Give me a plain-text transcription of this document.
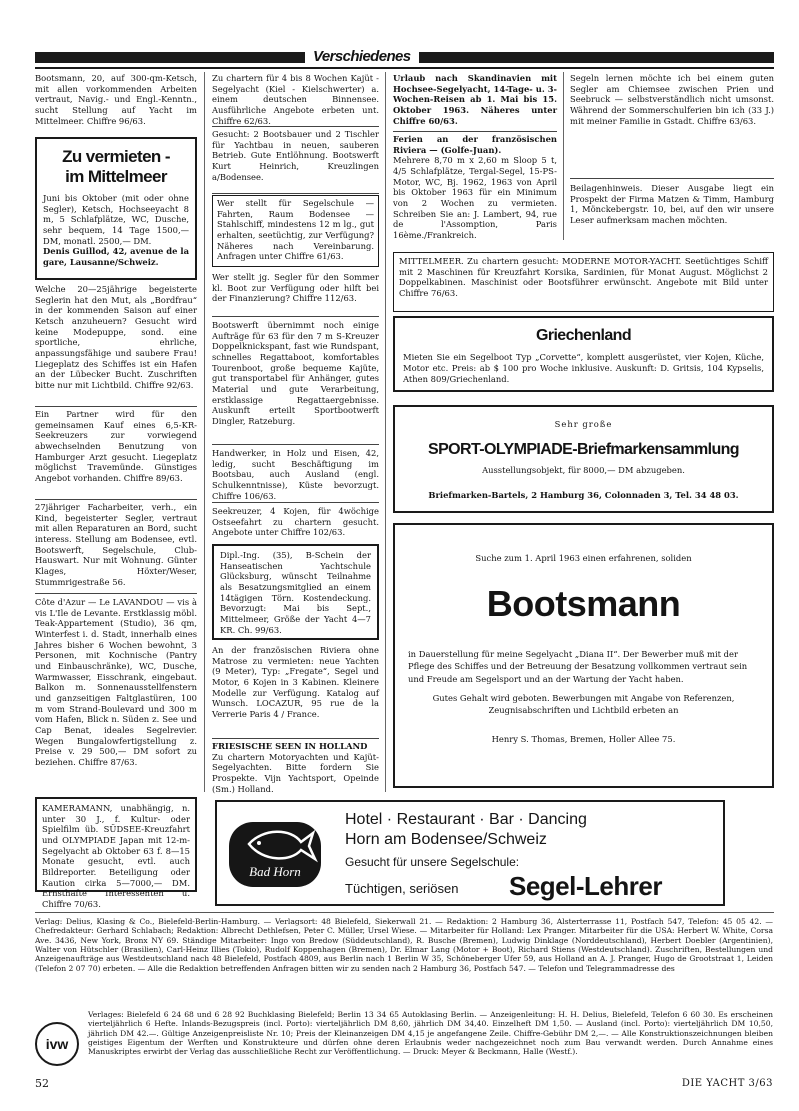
Verschiedenes

Bootsmann, 20, auf 300-qm-Ketsch, mit allen vorkommenden Arbeiten vertraut, Navig.- und Engl.-Kenntn., sucht Stellung auf Yacht im Mittelmeer. Chiffre 96/63.

Zu vermieten -
im Mittelmeer

Juni bis Oktober (mit oder ohne Segler), Ketsch, Hochseeyacht 8 m, 5 Schlafplätze, WC, Dusche, sehr bequem, 14 Tage 1500,— DM, monatl. 2500,— DM.

Denis Guillod, 42, avenue de la gare, Lausanne/Schweiz.

Welche 20—25jährige begeisterte Seglerin hat den Mut, als „Bordfrau“ in der kommenden Saison auf einer Ketsch anzuheuern? Gesucht wird keine Modepuppe, sond. eine sportliche, ehrliche, anpassungsfähige und saubere Frau! Liegeplatz des Schiffes ist ein Hafen an der Lübecker Bucht. Zuschriften bitte nur mit Lichtbild. Chiffre 92/63.

Ein Partner wird für den gemeinsamen Kauf eines 6,5-KR-Seekreuzers zur vorwiegend abwechselnden Benutzung von Hamburger Arzt gesucht. Liegeplatz möglichst Travemünde. Günstiges Angebot vorhanden. Chiffre 89/63.

27jähriger Facharbeiter, verh., ein Kind, begeisterter Segler, vertraut mit allen Reparaturen an Bord, sucht interess. Stellung am Bodensee, evtl. Bootswerft, Segelschule, Club-Hauswart. Nur mit Wohnung. Günter Klages, Höxter/Weser, Stummrigestraße 56.

Côte d'Azur — Le LAVANDOU — vis à vis L'Ile de Levante. Erstklassig möbl. Teak-Appartement (Studio), 36 qm, Winterfest i. d. Stadt, innerhalb eines Jahres bisher 6 Wochen bewohnt, 3 Personen, mit Kochnische (Pantry und Einbauschränke), WC, Dusche, Warmwasser, Eisschrank, eingebaut. Balkon m. Sonnenausstellfenstern und ganzseitigen Faltglastüren, 100 m vom Strand-Boulevard und 300 m vom Hafen, Blick n. Süden z. See und Cap Benat, ideales Segelrevier. Wegen Bungalowfertigstellung z. Preise v. 29 500,— DM sofort zu beziehen. Chiffre 87/63.

KAMERAMANN, unabhängig, n. unter 30 J., f. Kultur- oder Spielfilm üb. SÜDSEE-Kreuzfahrt und OLYMPIADE Japan mit 12-m-Segelyacht ab Oktober 63 f. 8—15 Monate gesucht, evtl. auch Bildreporter. Beteiligung oder Kaution cirka 5—7000,— DM. Ernsthafte Interessenten u. Chiffre 70/63.

Zu chartern für 4 bis 8 Wochen Kajüt - Segelyacht (Kiel - Kielschwerter) a. einem deutschen Binnensee. Ausführliche Angebote erbeten unt. Chiffre 62/63.

Gesucht: 2 Bootsbauer und 2 Tischler für Yachtbau in neuen, sauberen Betrieb. Gute Entlöhnung. Bootswerft Kurt Heinrich, Kreuzlingen a/Bodensee.

Wer stellt für Segelschule — Fahrten, Raum Bodensee — Stahlschiff, mindestens 12 m lg., gut erhalten, seetüchtig, zur Verfügung? Näheres nach Vereinbarung. Anfragen unter Chiffre 61/63.

Wer stellt jg. Segler für den Sommer kl. Boot zur Verfügung oder hilft bei der Finanzierung? Chiffre 112/63.

Bootswerft übernimmt noch einige Aufträge für 63 für den 7 m S-Kreuzer Doppelknickspant, fast wie Rundspant, schnelles Regattaboot, komfortables Tourenboot, große bequeme Kajüte, gut transportabel für Anhänger, gutes Material und gute Verarbeitung, erstklassige Regattaergebnisse. Auskunft erteilt Sportbootwerft Dingler, Ratzeburg.

Handwerker, in Holz und Eisen, 42, ledig, sucht Beschäftigung im Bootsbau, auch Ausland (engl. Schulkenntnisse), Küste bevorzugt. Chiffre 106/63.

Seekreuzer, 4 Kojen, für 4wöchige Ostseefahrt zu chartern gesucht. Angebote unter Chiffre 102/63.

Dipl.-Ing. (35), B-Schein der Hanseatischen Yachtschule Glücksburg, wünscht Teilnahme als Besatzungsmitglied an einem 14tägigen Törn. Kostendeckung. Bevorzugt: Mai bis Sept., Mittelmeer, Größe der Yacht 4—7 KR. Ch. 99/63.

An der französischen Riviera ohne Matrose zu vermieten: neue Yachten (9 Meter), Typ: „Fregate“, Segel und Motor, 6 Kojen in 3 Kabinen. Kleinere Modelle zur Verfügung. Katalog auf Wunsch. LOCAZUR, 95 rue de la Verrerie Paris 4 / France.

FRIESISCHE SEEN IN HOLLAND

Zu chartern Motoryachten und Kajüt-Segelyachten. Bitte fordern Sie Prospekte. Vijn Yachtsport, Opeinde (Sm.) Holland.

Urlaub nach Skandinavien mit Hochsee-Segelyacht, 14-Tage- u. 3-Wochen-Reisen ab 1. Mai bis 15. Oktober 1963. Näheres unter Chiffre 60/63.

Ferien an der französischen Riviera — (Golfe-Juan).

Mehrere 8,70 m x 2,60 m Sloop 5 t, 4/5 Schlafplätze, Tergal-Segel, 15-PS-Motor, WC, Bj. 1962, 1963 von April bis Oktober 1963 für ein Minimum von 2 Wochen zu vermieten. Schreiben Sie an: J. Lambert, 94, rue de l'Assomption, Paris 16ème./Frankreich.

Segeln lernen möchte ich bei einem guten Segler am Chiemsee zwischen Prien und Seebruck — selbstverständlich nicht umsonst. Während der Sommerschulferien bin ich (33 J.) mit meiner Familie in Gstadt. Chiffre 63/63.

Beilagenhinweis. Dieser Ausgabe liegt ein Prospekt der Firma Matzen & Timm, Hamburg 1, Mönckebergstr. 10, bei, auf den wir unsere Leser aufmerksam machen möchten.

MITTELMEER. Zu chartern gesucht: MODERNE MOTOR-YACHT. Seetüchtiges Schiff mit 2 Maschinen für Kreuzfahrt Korsika, Sardinien, für Monat August. Möglichst 2 Doppelkabinen. Maschinist oder Bootsführer erwünscht. Angebote mit Bild unter Chiffre 76/63.

Griechenland

Mieten Sie ein Segelboot Typ „Corvette“, komplett ausgerüstet, vier Kojen, Küche, Motor etc. Preis: ab $ 100 pro Woche inklusive. Auskunft: D. Gritsis, 104 Kypselis, Athen 809/Griechenland.

Sehr große
SPORT-OLYMPIADE-Briefmarkensammlung
Ausstellungsobjekt, für 8000,— DM abzugeben.
Briefmarken-Bartels, 2 Hamburg 36, Colonnaden 3, Tel. 34 48 03.
Suche zum 1. April 1963 einen erfahrenen, soliden
Bootsmann

in Dauerstellung für meine Segelyacht „Diana II“. Der Bewerber muß mit der Pflege des Schiffes und der Betreuung der Besatzung vollkommen vertraut sein und Freude am Segelsport und an der Wartung der Yacht haben.

Gutes Gehalt wird geboten. Bewerbungen mit Angabe von Referenzen, Zeugnisabschriften und Lichtbild erbeten an

Henry S. Thomas, Bremen, Holler Allee 75.
Bad Horn
Hotel · Restaurant · Bar · Dancing
Horn am Bodensee/Schweiz
Gesucht für unsere Segelschule:
Tüchtigen, seriösen Segel-Lehrer

Verlag: Delius, Klasing & Co., Bielefeld-Berlin-Hamburg. — Verlagsort: 48 Bielefeld, Siekerwall 21. — Redaktion: 2 Hamburg 36, Alsterterrasse 11, Postfach 547, Telefon: 45 05 42. — Chefredakteur: Gerhard Schlabach; Redaktion: Albrecht Dethlefsen, Peter C. Müller, Ursel Wiese. — Mitarbeiter für Holland: Lex Pranger. Mitarbeiter für die USA: Herbert W. White, Corsa Ave. 3436, New York, Bronx NY 69. Ständige Mitarbeiter: Ingo von Bredow (Süddeutschland), R. Busche (Bremen), Ludwig Dinklage (Norddeutschland), Herbert Doebler (Argentinien), Walter von Hütschler (Brasilien), Carl-Heinz Illies (Tokio), Rudolf Koppenhagen (Bremen), Dr. Elmar Lang (Motor + Boot), Richard Stiens (Westdeutschland). Zuschriften, Bestellungen und Anzeigenaufträge aus Westdeutschland nach 48 Bielefeld, Postfach 4809, aus Berlin nach 1 Berlin W 35, Schöneberger Ufer 59, aus Holland an A. J. Pranger, Hugo de Grootstraat 1, Leiden (Telefon 2 07 70) erbeten. — Alle die Redaktion betreffenden Anfragen bitten wir zu senden nach 2 Hamburg 36, Postfach 547. — Telefon und Telegrammadresse des

ivw

Verlages: Bielefeld 6 24 68 und 6 28 92 Buchklasing Bielefeld; Berlin 13 34 65 Autoklasing Berlin. — Anzeigenleitung: H. H. Delius, Bielefeld, Telefon 6 60 30. Es erscheinen vierteljährlich 6 Hefte. Inlands-Bezugspreis (incl. Porto): vierteljährlich DM 8,60, jährlich DM 34,40. Einzelheft DM 1,50. — Ausland (incl. Porto): vierteljährlich DM 10,50, jährlich DM 42.—. Gültige Anzeigenpreisliste Nr. 10; Preis der Kleinanzeigen DM 4,15 je angefangene Zeile. Chiffre-Gebühr DM 2,—. — Alle Konstruktionszeichnungen bleiben geistiges Eigentum der Werften und Konstrukteure und dürfen ohne deren Erlaubnis weder nachgezeichnet noch zum Bau verwandt werden. Durch Annahme eines Manuskriptes erwirbt der Verlag das ausschließliche Recht zur Veröffentlichung. — Druck: Meyer & Beckmann, Halle (Westf.).

52	DIE YACHT 3/63
